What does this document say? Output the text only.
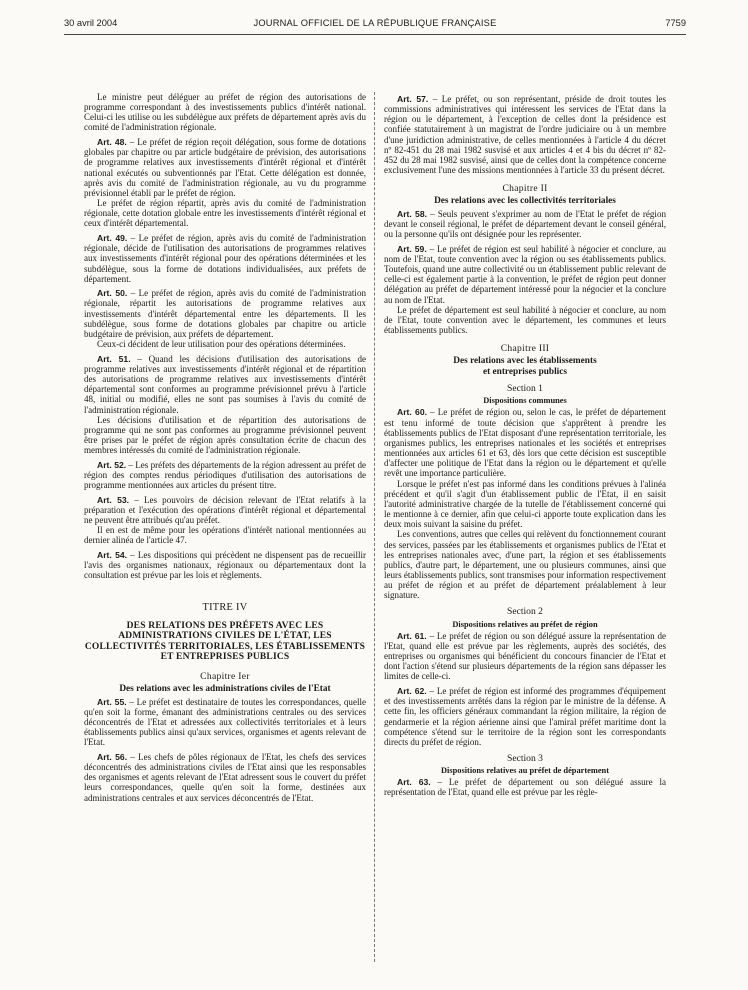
30 avril 2004	JOURNAL OFFICIEL DE LA RÉPUBLIQUE FRANÇAISE	7759

Le ministre peut déléguer au préfet de région des autorisations de programme correspondant à des investissements publics d'intérêt national. Celui-ci les utilise ou les subdélègue aux préfets de département après avis du comité de l'administration régionale.

Art. 48. – Le préfet de région reçoit délégation, sous forme de dotations globales par chapitre ou par article budgétaire de prévision, des autorisations de programme relatives aux investissements d'intérêt régional et d'intérêt national exécutés ou subventionnés par l'Etat. Cette délégation est donnée, après avis du comité de l'administration régionale, au vu du programme prévisionnel établi par le préfet de région.

Le préfet de région répartit, après avis du comité de l'administration régionale, cette dotation globale entre les investissements d'intérêt régional et ceux d'intérêt départemental.

Art. 49. – Le préfet de région, après avis du comité de l'administration régionale, décide de l'utilisation des autorisations de programmes relatives aux investissements d'intérêt régional pour des opérations déterminées et les subdélègue, sous la forme de dotations individualisées, aux préfets de département.

Art. 50. – Le préfet de région, après avis du comité de l'administration régionale, répartit les autorisations de programme relatives aux investissements d'intérêt départemental entre les départements. Il les subdélègue, sous forme de dotations globales par chapitre ou article budgétaire de prévision, aux préfets de département.

Ceux-ci décident de leur utilisation pour des opérations déterminées.

Art. 51. – Quand les décisions d'utilisation des autorisations de programme relatives aux investissements d'intérêt régional et de répartition des autorisations de programme relatives aux investissements d'intérêt départemental sont conformes au programme prévisionnel prévu à l'article 48, initial ou modifié, elles ne sont pas soumises à l'avis du comité de l'administration régionale.

Les décisions d'utilisation et de répartition des autorisations de programme qui ne sont pas conformes au programme prévisionnel peuvent être prises par le préfet de région après consultation écrite de chacun des membres intéressés du comité de l'administration régionale.

Art. 52. – Les préfets des départements de la région adressent au préfet de région des comptes rendus périodiques d'utilisation des autorisations de programme mentionnées aux articles du présent titre.

Art. 53. – Les pouvoirs de décision relevant de l'Etat relatifs à la préparation et l'exécution des opérations d'intérêt régional et départemental ne peuvent être attribués qu'au préfet.

Il en est de même pour les opérations d'intérêt national mentionnées au dernier alinéa de l'article 47.

Art. 54. – Les dispositions qui précèdent ne dispensent pas de recueillir l'avis des organismes nationaux, régionaux ou départementaux dont la consultation est prévue par les lois et règlements.

TITRE IV
DES RELATIONS DES PRÉFETS AVEC LES ADMINISTRATIONS CIVILES DE L'ÉTAT, LES COLLECTIVITÉS TERRITORIALES, LES ÉTABLISSEMENTS ET ENTREPRISES PUBLICS
Chapitre Ier
Des relations avec les administrations civiles de l'Etat

Art. 55. – Le préfet est destinataire de toutes les correspondances, quelle qu'en soit la forme, émanant des administrations centrales ou des services déconcentrés de l'Etat et adressées aux collectivités territoriales et à leurs établissements publics ainsi qu'aux services, organismes et agents relevant de l'Etat.

Art. 56. – Les chefs de pôles régionaux de l'Etat, les chefs des services déconcentrés des administrations civiles de l'Etat ainsi que les responsables des organismes et agents relevant de l'Etat adressent sous le couvert du préfet leurs correspondances, quelle qu'en soit la forme, destinées aux administrations centrales et aux services déconcentrés de l'Etat.

Art. 57. – Le préfet, ou son représentant, préside de droit toutes les commissions administratives qui intéressent les services de l'Etat dans la région ou le département, à l'exception de celles dont la présidence est confiée statutairement à un magistrat de l'ordre judiciaire ou à un membre d'une juridiction administrative, de celles mentionnées à l'article 4 du décret nº 82-451 du 28 mai 1982 susvisé et aux articles 4 et 4 bis du décret nº 82-452 du 28 mai 1982 susvisé, ainsi que de celles dont la compétence concerne exclusivement l'une des missions mentionnées à l'article 33 du présent décret.

Chapitre II
Des relations avec les collectivités territoriales

Art. 58. – Seuls peuvent s'exprimer au nom de l'Etat le préfet de région devant le conseil régional, le préfet de département devant le conseil général, ou la personne qu'ils ont désignée pour les représenter.

Art. 59. – Le préfet de région est seul habilité à négocier et conclure, au nom de l'Etat, toute convention avec la région ou ses établissements publics. Toutefois, quand une autre collectivité ou un établissement public relevant de celle-ci est également partie à la convention, le préfet de région peut donner délégation au préfet de département intéressé pour la négocier et la conclure au nom de l'Etat.

Le préfet de département est seul habilité à négocier et conclure, au nom de l'Etat, toute convention avec le département, les communes et leurs établissements publics.

Chapitre III
Des relations avec les établissements
et entreprises publics
Section 1
Dispositions communes

Art. 60. – Le préfet de région ou, selon le cas, le préfet de département est tenu informé de toute décision que s'apprêtent à prendre les établissements publics de l'Etat disposant d'une représentation territoriale, les organismes publics, les entreprises nationales et les sociétés et entreprises mentionnées aux articles 61 et 63, dès lors que cette décision est susceptible d'affecter une politique de l'Etat dans la région ou le département et qu'elle revêt une importance particulière.

Lorsque le préfet n'est pas informé dans les conditions prévues à l'alinéa précédent et qu'il s'agit d'un établissement public de l'Etat, il en saisit l'autorité administrative chargée de la tutelle de l'établissement concerné qui le mentionne à ce dernier, afin que celui-ci apporte toute explication dans les deux mois suivant la saisine du préfet.

Les conventions, autres que celles qui relèvent du fonctionnement courant des services, passées par les établissements et organismes publics de l'Etat et les entreprises nationales avec, d'une part, la région et ses établissements publics, d'autre part, le département, une ou plusieurs communes, ainsi que leurs établissements publics, sont transmises pour information respectivement au préfet de région et au préfet de département préalablement à leur signature.

Section 2
Dispositions relatives au préfet de région

Art. 61. – Le préfet de région ou son délégué assure la représentation de l'Etat, quand elle est prévue par les règlements, auprès des sociétés, des entreprises ou organismes qui bénéficient du concours financier de l'Etat et dont l'action s'étend sur plusieurs départements de la région sans dépasser les limites de celle-ci.

Art. 62. – Le préfet de région est informé des programmes d'équipement et des investissements arrêtés dans la région par le ministre de la défense. A cette fin, les officiers généraux commandant la région militaire, la région de gendarmerie et la région aérienne ainsi que l'amiral préfet maritime dont la compétence s'étend sur le territoire de la région sont les correspondants directs du préfet de région.

Section 3
Dispositions relatives au préfet de département

Art. 63. – Le préfet de département ou son délégué assure la représentation de l'Etat, quand elle est prévue par les règle-
